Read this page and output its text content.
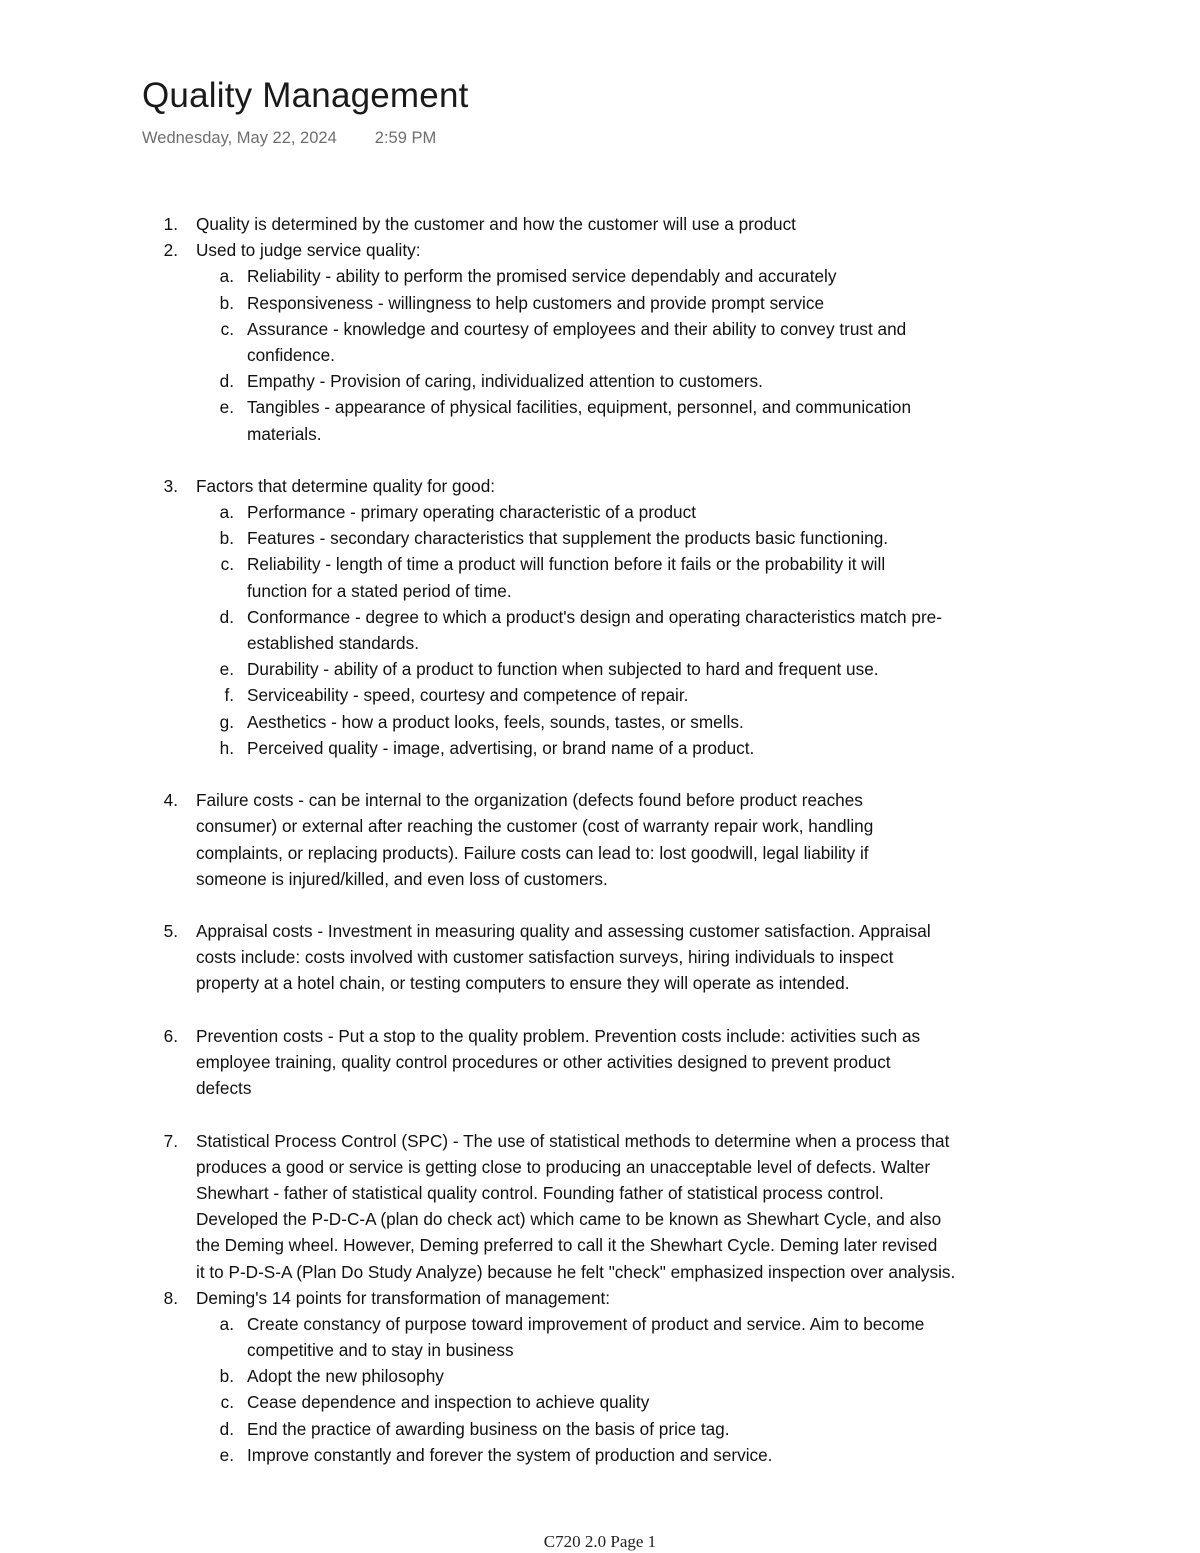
Quality Management
Wednesday, May 22, 2024 2:59 PM
1. Quality is determined by the customer and how the customer will use a product
2. Used to judge service quality:
a. Reliability - ability to perform the promised service dependably and accurately
b. Responsiveness - willingness to help customers and provide prompt service
c. Assurance - knowledge and courtesy of employees and their ability to convey trust and
confidence.
d. Empathy - Provision of caring, individualized attention to customers.
e. Tangibles - appearance of physical facilities, equipment, personnel, and communication
materials.
3. Factors that determine quality for good:
a. Performance - primary operating characteristic of a product
b. Features - secondary characteristics that supplement the products basic functioning.
c. Reliability - length of time a product will function before it fails or the probability it will
function for a stated period of time.
d. Conformance - degree to which a product's design and operating characteristics match pre-
established standards.
e. Durability - ability of a product to function when subjected to hard and frequent use.
f. Serviceability - speed, courtesy and competence of repair.
g. Aesthetics - how a product looks, feels, sounds, tastes, or smells.
h. Perceived quality - image, advertising, or brand name of a product.
4. Failure costs - can be internal to the organization (defects found before product reaches
consumer) or external after reaching the customer (cost of warranty repair work, handling
complaints, or replacing products). Failure costs can lead to: lost goodwill, legal liability if
someone is injured/killed, and even loss of customers.
5. Appraisal costs - Investment in measuring quality and assessing customer satisfaction. Appraisal
costs include: costs involved with customer satisfaction surveys, hiring individuals to inspect
property at a hotel chain, or testing computers to ensure they will operate as intended.
6. Prevention costs - Put a stop to the quality problem. Prevention costs include: activities such as
employee training, quality control procedures or other activities designed to prevent product
defects
7. Statistical Process Control (SPC) - The use of statistical methods to determine when a process that
produces a good or service is getting close to producing an unacceptable level of defects. Walter
Shewhart - father of statistical quality control. Founding father of statistical process control.
Developed the P-D-C-A (plan do check act) which came to be known as Shewhart Cycle, and also
the Deming wheel. However, Deming preferred to call it the Shewhart Cycle. Deming later revised
it to P-D-S-A (Plan Do Study Analyze) because he felt "check" emphasized inspection over analysis.
8. Deming's 14 points for transformation of management:
a. Create constancy of purpose toward improvement of product and service. Aim to become
competitive and to stay in business
b. Adopt the new philosophy
c. Cease dependence and inspection to achieve quality
d. End the practice of awarding business on the basis of price tag.
e. Improve constantly and forever the system of production and service.
C720 2.0 Page 1
